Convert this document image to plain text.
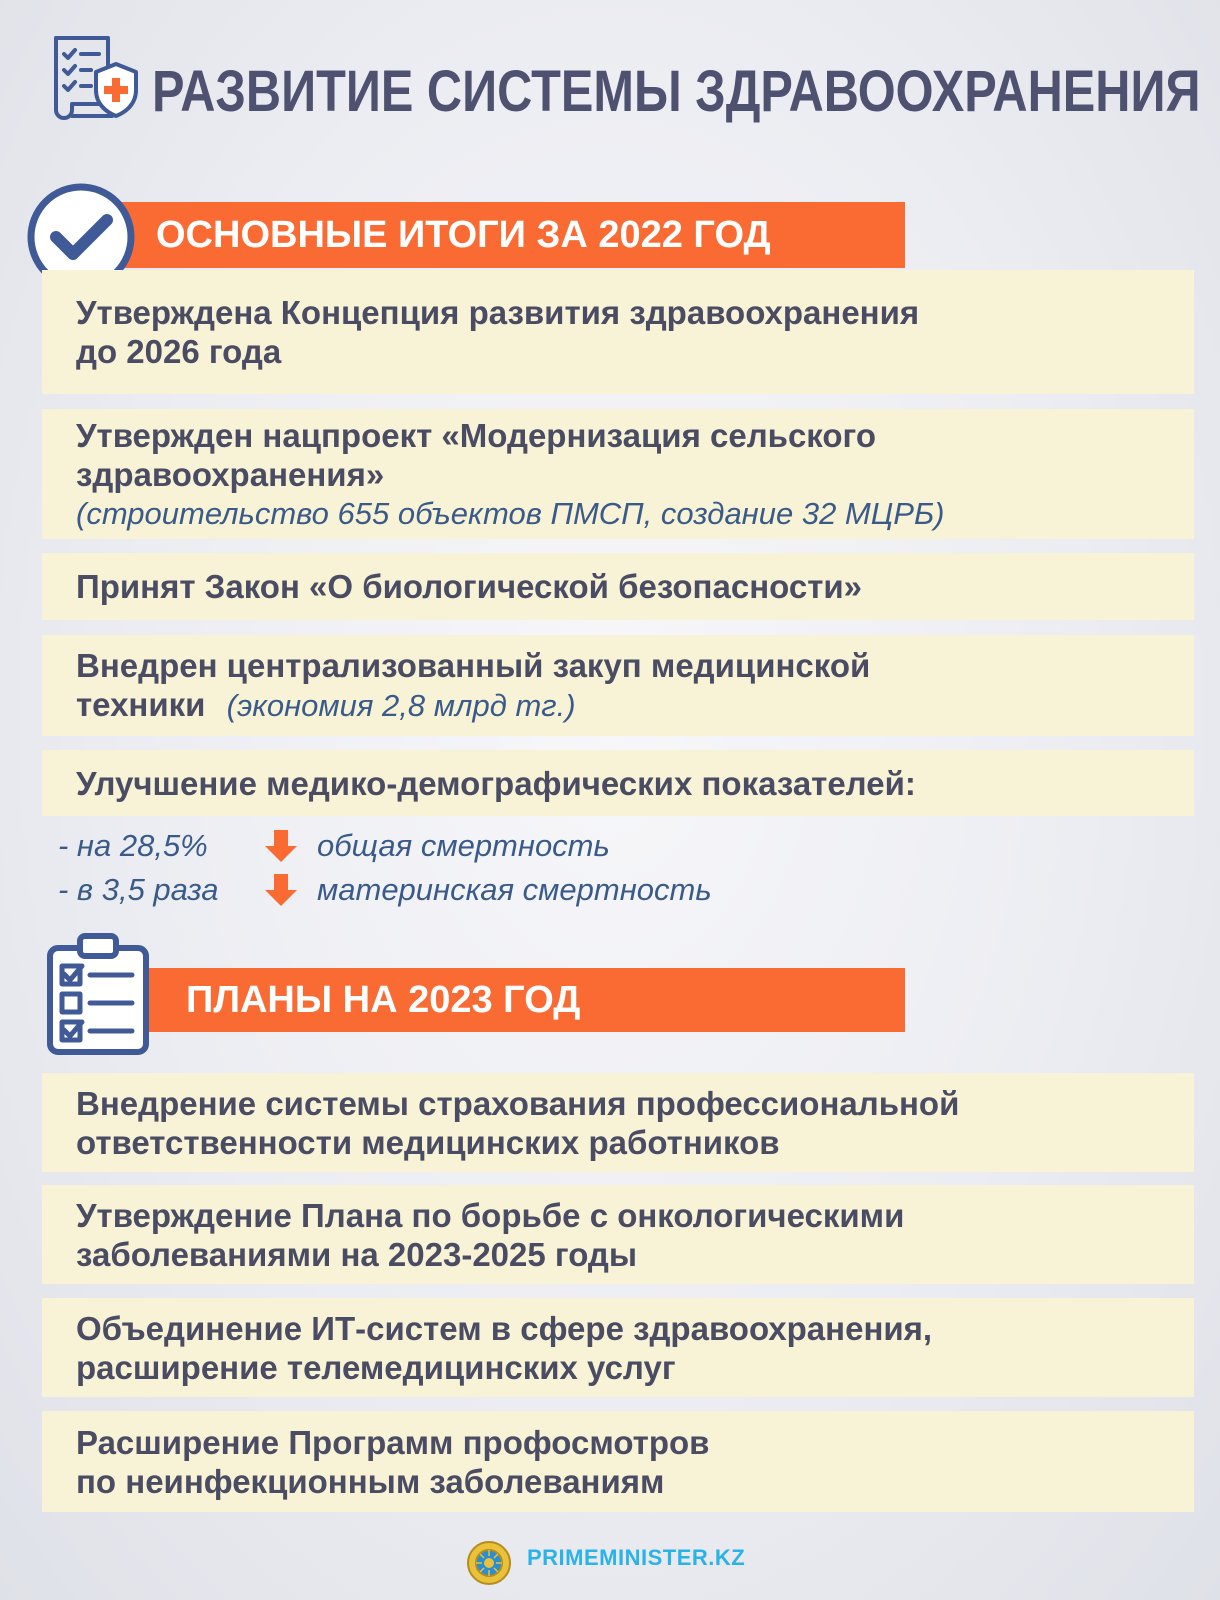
РАЗВИТИЕ СИСТЕМЫ ЗДРАВООХРАНЕНИЯ
ОСНОВНЫЕ ИТОГИ ЗА 2022 ГОД
Утверждена Концепция развития здравоохранения
до 2026 года
Утвержден нацпроект «Модернизация сельского
здравоохранения»
(строительство 655 объектов ПМСП, создание 32 МЦРБ)
Принят Закон «О биологической безопасности»
Внедрен централизованный закуп медицинской
техники (экономия 2,8 млрд тг.)
Улучшение медико-демографических показателей:
- на 28,5%	общая смертность
- в 3,5 раза	материнская смертность
ПЛАНЫ НА 2023 ГОД
Внедрение системы страхования профессиональной
ответственности медицинских работников
Утверждение Плана по борьбе с онкологическими
заболеваниями на 2023-2025 годы
Объединение ИТ-систем в сфере здравоохранения,
расширение телемедицинских услуг
Расширение Программ профосмотров
по неинфекционным заболеваниям
PRIMEMINISTER.KZ
